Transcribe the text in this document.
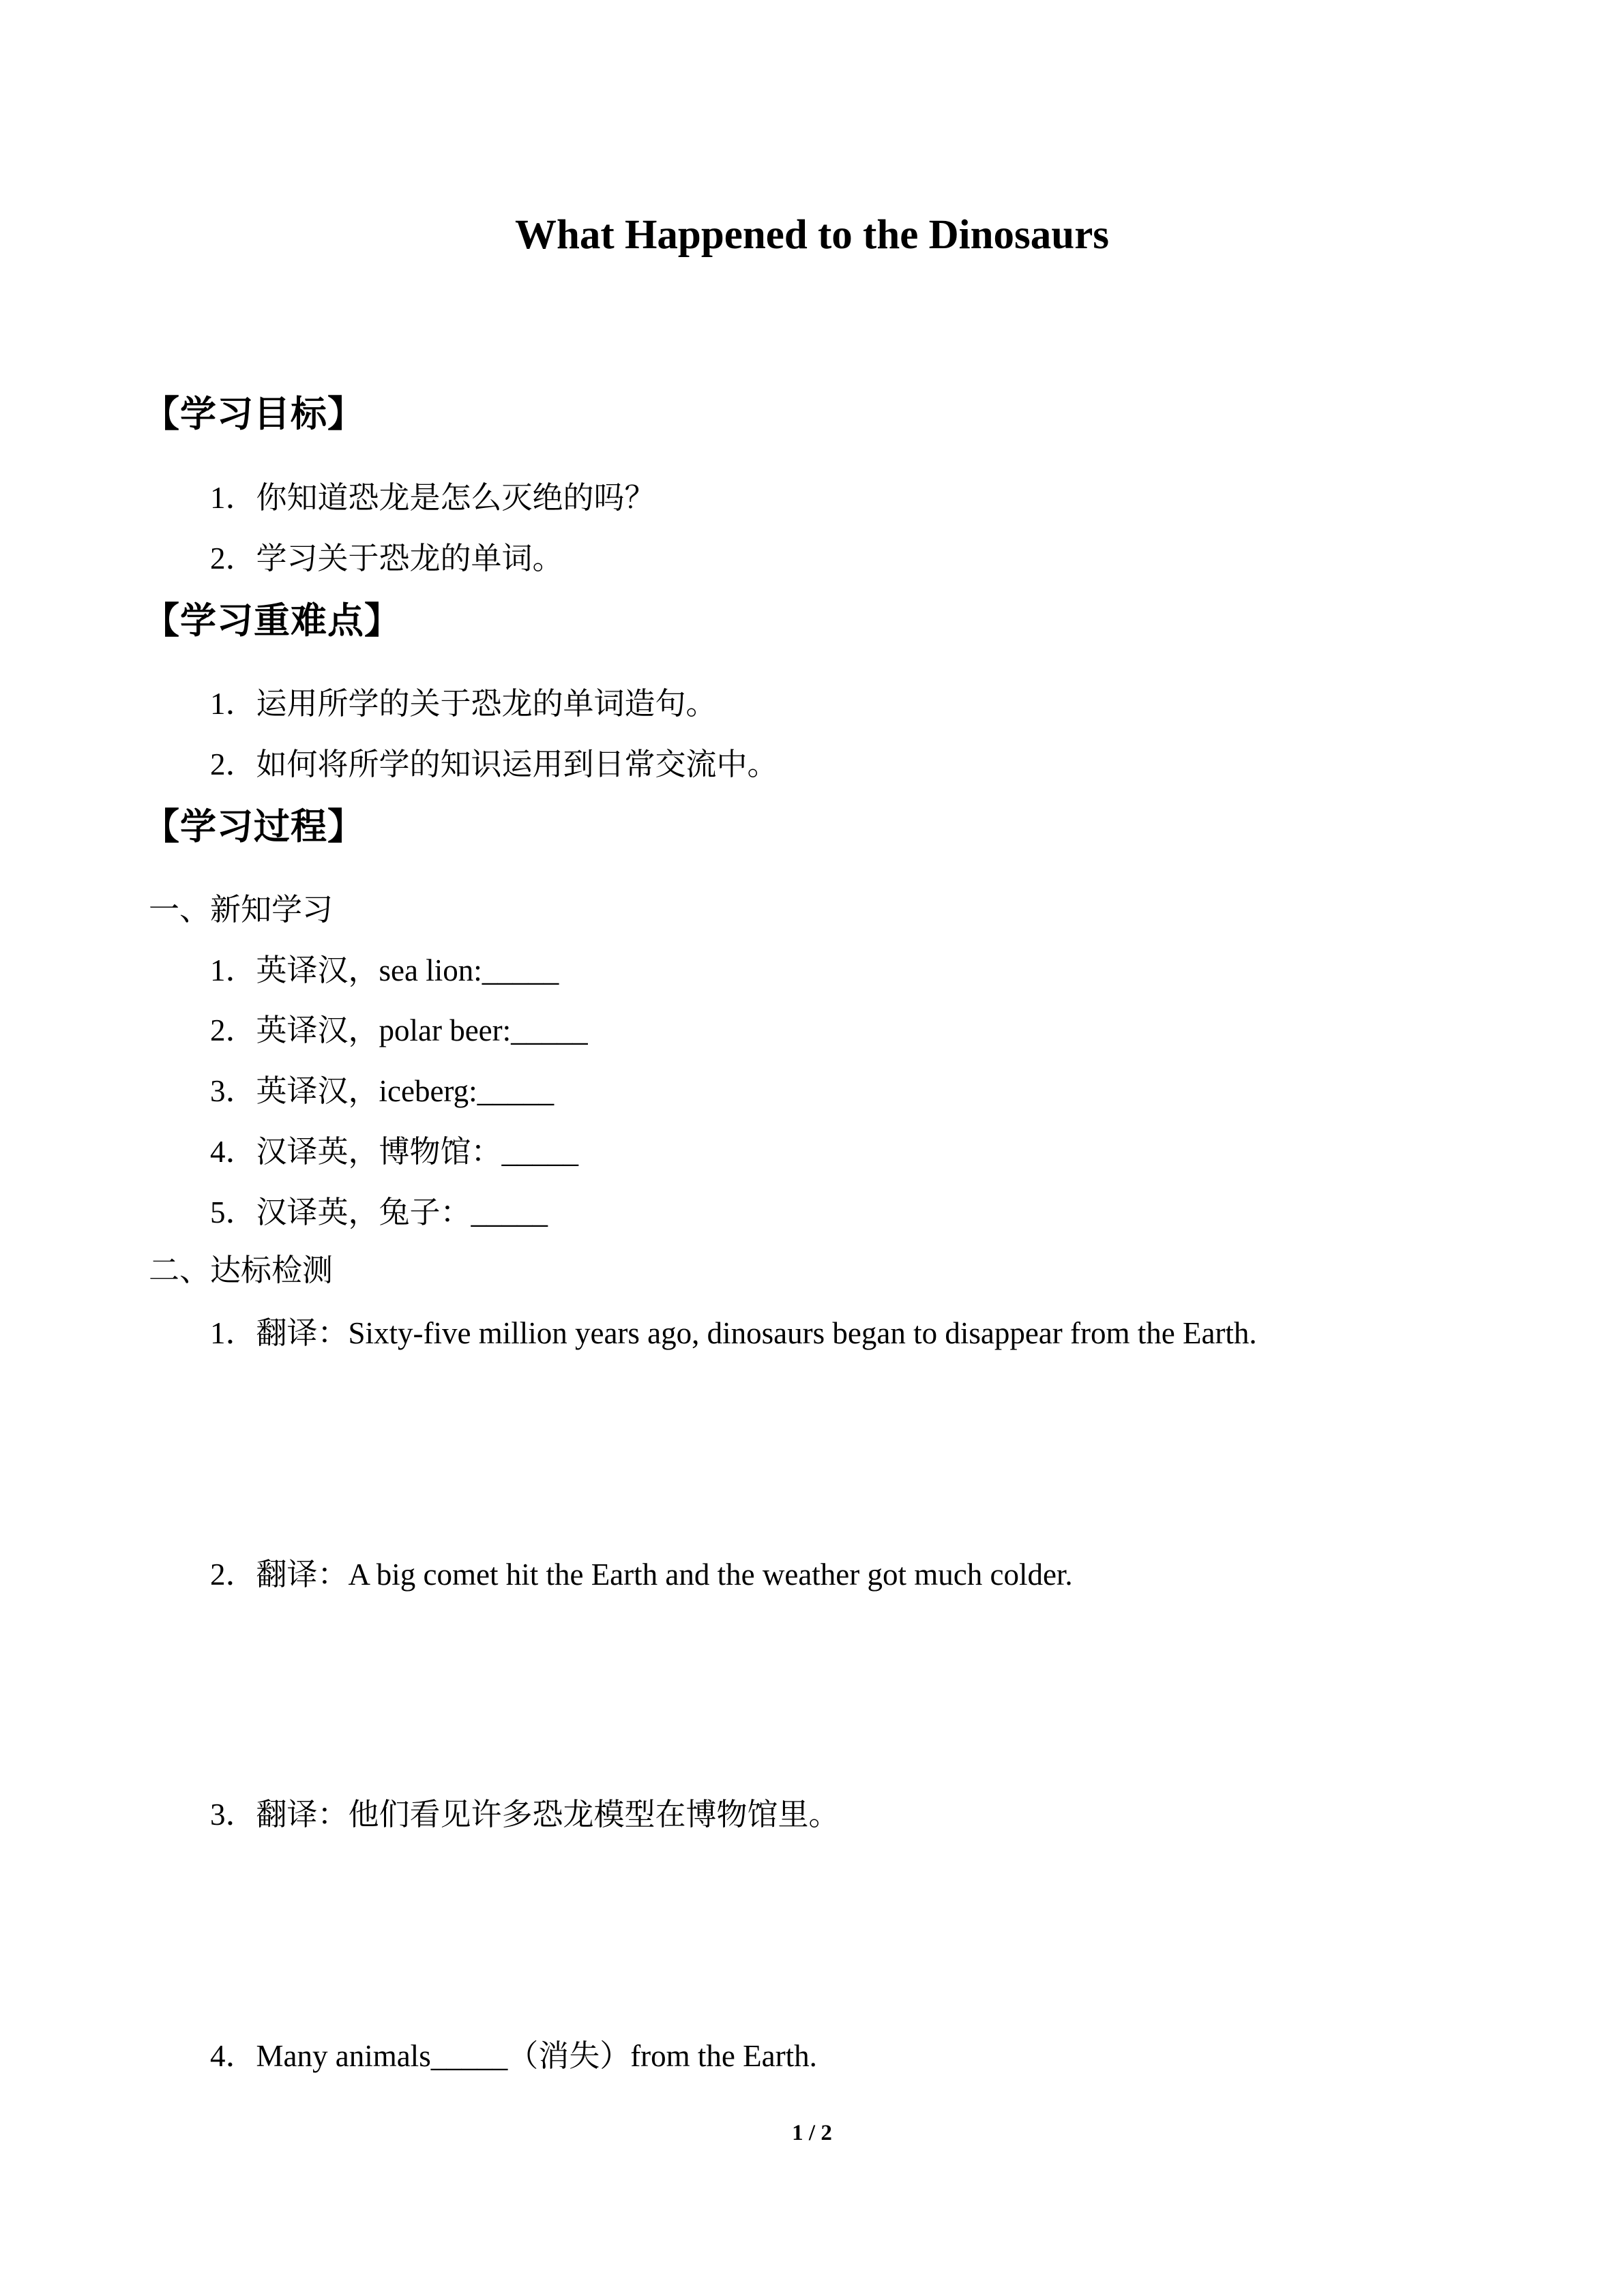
What Happened to the Dinosaurs
【学习目标】
1．你知道恐龙是怎么灭绝的吗？
2．学习关于恐龙的单词。
【学习重难点】
1．运用所学的关于恐龙的单词造句。
2．如何将所学的知识运用到日常交流中。
【学习过程】
一、新知学习
1．英译汉，sea lion:_____
2．英译汉，polar beer:_____
3．英译汉，iceberg:_____
4．汉译英，博物馆：_____
5．汉译英，兔子：_____
二、达标检测
1．翻译：Sixty-five million years ago, dinosaurs began to disappear from the Earth.
2．翻译：A big comet hit the Earth and the weather got much colder.
3．翻译：他们看见许多恐龙模型在博物馆里。
4．Many animals_____（消失）from the Earth.
1 / 2
